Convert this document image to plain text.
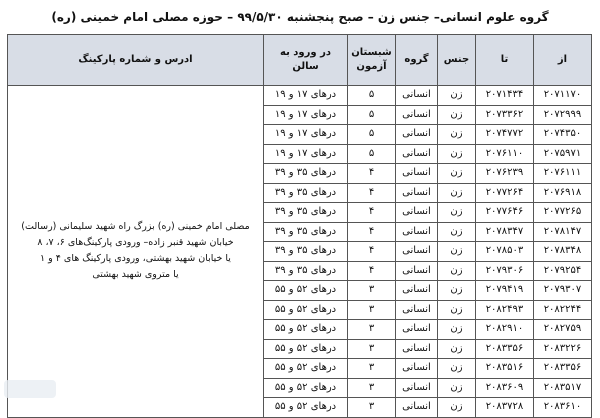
گروه علوم انسانی– جنس زن – صبح پنجشنبه ۹۹/۵/۳۰ – حوزه مصلی امام خمینی (ره)
از	تا	جنس	گروه	شبستان آزمون	در ورود به سالن	ادرس و شماره پارکینگ
۲۰۷۱۱۷۰	۲۰۷۱۴۳۴	زن	انسانی	۵	درهای ۱۷ و ۱۹	مصلی امام خمینی (ره) بزرگ راه شهید سلیمانی (رسالت)
خیابان شهید قنبر زاده– ورودی پارکینگ‌های ۶، ۷، ۸
یا خیابان شهید بهشتی، ورودی پارکینگ های ۴ و ۱
یا متروی شهید بهشتی

۲۰۷۲۹۹۹	۲۰۷۳۳۶۲	زن	انسانی	۵	درهای ۱۷ و ۱۹	
۲۰۷۴۳۵۰	۲۰۷۴۷۷۲	زن	انسانی	۵	درهای ۱۷ و ۱۹	
۲۰۷۵۹۷۱	۲۰۷۶۱۱۰	زن	انسانی	۵	درهای ۱۷ و ۱۹	
۲۰۷۶۱۱۱	۲۰۷۶۲۳۹	زن	انسانی	۴	درهای ۳۵ و ۳۹	
۲۰۷۶۹۱۸	۲۰۷۷۲۶۴	زن	انسانی	۴	درهای ۳۵ و ۳۹	
۲۰۷۷۲۶۵	۲۰۷۷۶۴۶	زن	انسانی	۴	درهای ۳۵ و ۳۹	
۲۰۷۸۱۴۷	۲۰۷۸۳۴۷	زن	انسانی	۴	درهای ۳۵ و ۳۹	
۲۰۷۸۳۴۸	۲۰۷۸۵۰۳	زن	انسانی	۴	درهای ۳۵ و ۳۹	
۲۰۷۹۲۵۴	۲۰۷۹۳۰۶	زن	انسانی	۴	درهای ۳۵ و ۳۹	
۲۰۷۹۳۰۷	۲۰۷۹۴۱۹	زن	انسانی	۳	درهای ۵۲ و ۵۵	
۲۰۸۲۲۴۴	۲۰۸۲۴۹۳	زن	انسانی	۳	درهای ۵۲ و ۵۵	
۲۰۸۲۷۵۹	۲۰۸۲۹۱۰	زن	انسانی	۳	درهای ۵۲ و ۵۵	
۲۰۸۳۲۲۶	۲۰۸۳۳۵۶	زن	انسانی	۳	درهای ۵۲ و ۵۵	
۲۰۸۳۳۵۶	۲۰۸۳۵۱۶	زن	انسانی	۳	درهای ۵۲ و ۵۵	
۲۰۸۳۵۱۷	۲۰۸۳۶۰۹	زن	انسانی	۳	درهای ۵۲ و ۵۵	
۲۰۸۳۶۱۰	۲۰۸۳۷۲۸	زن	انسانی	۳	درهای ۵۲ و ۵۵	
